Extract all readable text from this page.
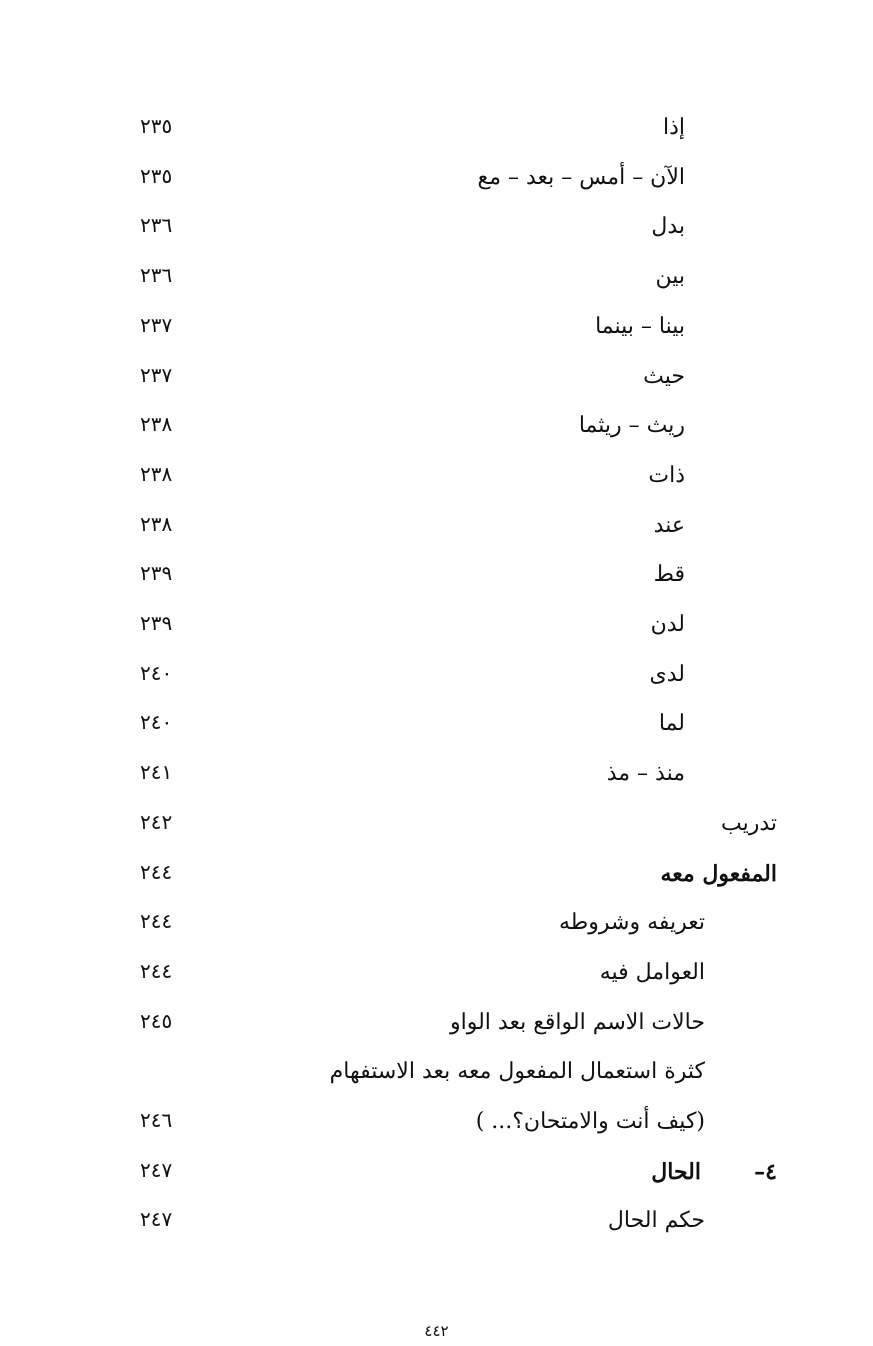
إذا
٢٣٥
الآن – أمس – بعد – مع
٢٣٥
بدل
٢٣٦
بين
٢٣٦
بينا – بينما
٢٣٧
حيث
٢٣٧
ريث – ريثما
٢٣٨
ذات
٢٣٨
عند
٢٣٨
قط
٢٣٩
لدن
٢٣٩
لدى
٢٤٠
لما
٢٤٠
منذ – مذ
٢٤١
تدريب
٢٤٢
المفعول معه
٢٤٤
تعريفه وشروطه
٢٤٤
العوامل فيه
٢٤٤
حالات الاسم الواقع بعد الواو
٢٤٥
كثرة استعمال المفعول معه بعد الاستفهام
(كيف أنت والامتحان؟... )
٢٤٦
٤–
الحال
٢٤٧
حكم الحال
٢٤٧
٤٤٢
